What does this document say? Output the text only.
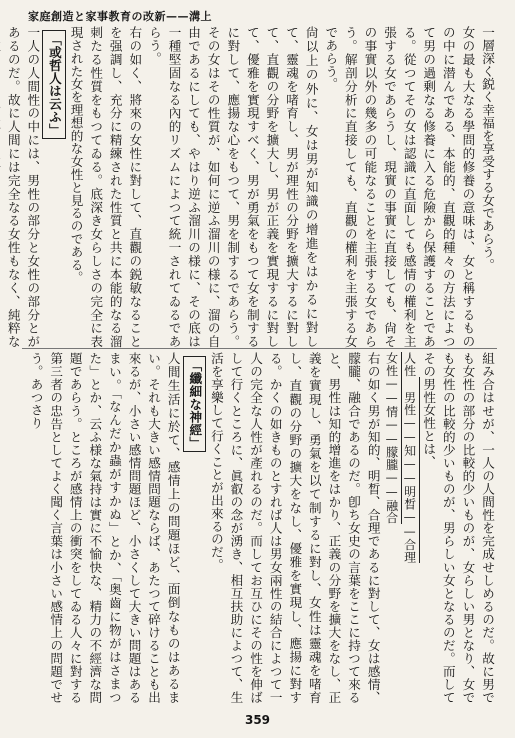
家庭創造と家事教育の改新——溝上

一層深く鋭く幸福を享受する女であらう。

女の最も大なる學問的修養の意味は、女と稱するものの中に潜んである、本能的、直觀的種々の方法によつて男の過剰なる修養に入る危險から保護することである。從つてその女は認識に直面しても感情の權利を主張する女であらうし、現實の事實に直接しても、尙その事實以外の幾多の可能なることを主張する女であらう。解剖分析に直接しても、直觀の權利を主張する女であらう。

尙以上の外に、女は男が知識の增進をはかるに對して、靈魂を啫育し、男が理性の分野を擴大するに對して、直觀の分野を擴大し、男が正義を實現するに對して、優雅を實現すべく、男が勇氣をもつて女を制するに對して、應揚な心をもつて、男を制するであらう。その女はその性質が、如何に逆ふ溜川の様に、溜の自由であるにしても、やはり逆ふ溜川の様に、その底は一種堅固なる內的リズムによつて統一されてゐるであらう。

右の如く、將來の女性に對して、直觀の鋭敏なることを强調し、充分に精練された性質と共に本能的なる溜刺たる性質をもつてゐる。底深き女らしさの完全に表現された女を理想的な女性と見るのである。

「或哲人は云ふ」

一人の人間性の中には、男性の部分と女性の部分とがあるのだ。故に人間には完全なる女性もなく、純粹な

組み合はせが、一人の人間性を完成せしめるのだ。故に男でも女性の部分の比較的少いものが、女らしい男となり、女でも女性の比較的少いものが、男らしい女となるのだ。而してその男性女性とは、

人性 男性——知——明晳——合理
女性——情——朦朧——融合

右の如く男が知的、明晳、合理であるに對して、女は感情、朦朧、融合であるのだ。卽ち女史の言葉をここに持つて來ると、男性は知的增進をはかり、正義の分野を擴大をなし、正義を實現し、勇氣を以て制するに對し、女性は靈魂を啫育し、直觀の分野の擴大をなし、優雅を實現し、應揚に對する。かくの如きものとすれば人は男女兩性の結合によつて一人の完全な人性が產れるのだ。而してお互ひにその性を伸ばして行くところに、眞叡の念が湧き、相互扶助によつて、生活を享樂して行くことが出來るのだ。

「纖細な神經」

人間生活に於て、感情上の問題ほど、面倒なものはあるまい。それも大きい感情問題ならば、あたつて碎けることも出來るが、小さい感情問題ほど、小さくして大きい問題はあるまい。「なんだか蟲がすかぬ」とか、「奥齒に物がはさまつた」とか、云ふ様な氣持は實に不愉快な、精力の不經濟な問題であらう。ところが感情上の衝突をしてゐる人々に對する第三者の忠告としてよく聞く言葉は小さい感情上の問題でせう。あつさり

359
